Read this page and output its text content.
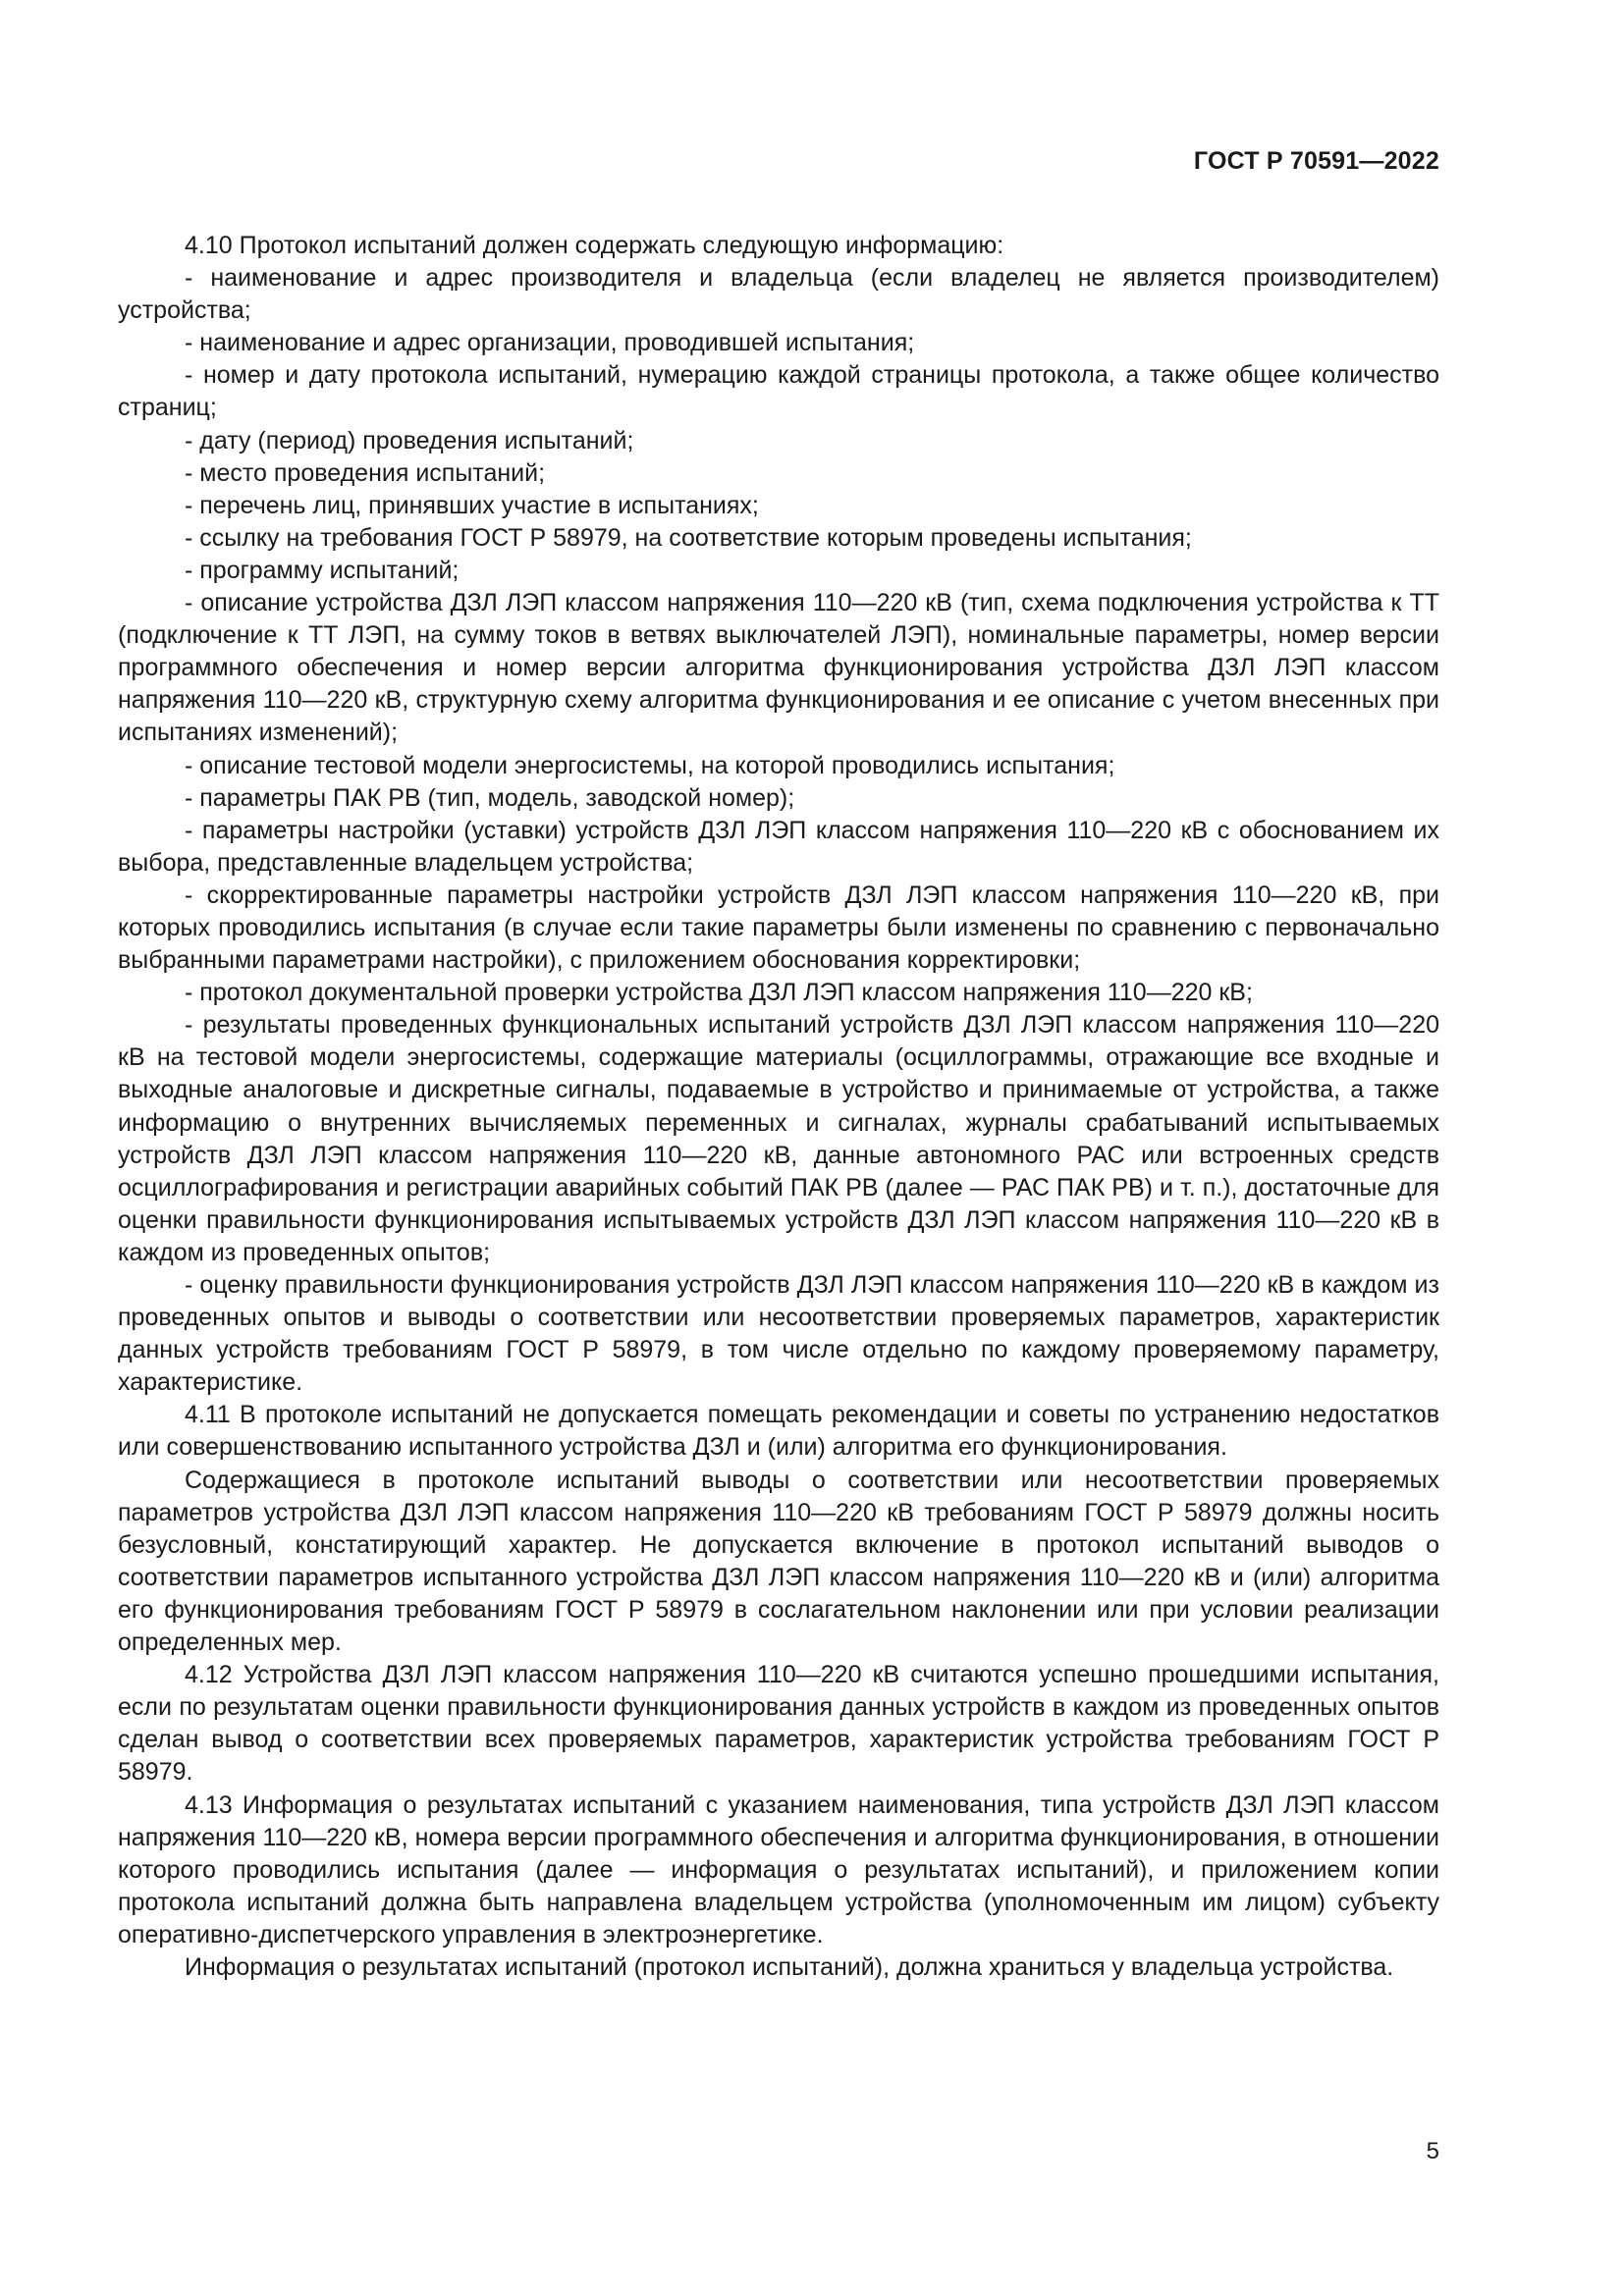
ГОСТ Р 70591—2022

4.10 Протокол испытаний должен содержать следующую информацию:

- наименование и адрес производителя и владельца (если владелец не является производителем) устройства;

- наименование и адрес организации, проводившей испытания;

- номер и дату протокола испытаний, нумерацию каждой страницы протокола, а также общее количество страниц;

- дату (период) проведения испытаний;

- место проведения испытаний;

- перечень лиц, принявших участие в испытаниях;

- ссылку на требования ГОСТ Р 58979, на соответствие которым проведены испытания;

- программу испытаний;

- описание устройства ДЗЛ ЛЭП классом напряжения 110—220 кВ (тип, схема подключения устройства к ТТ (подключение к ТТ ЛЭП, на сумму токов в ветвях выключателей ЛЭП), номинальные параметры, номер версии программного обеспечения и номер версии алгоритма функционирования устройства ДЗЛ ЛЭП классом напряжения 110—220 кВ, структурную схему алгоритма функционирования и ее описание с учетом внесенных при испытаниях изменений);

- описание тестовой модели энергосистемы, на которой проводились испытания;

- параметры ПАК РВ (тип, модель, заводской номер);

- параметры настройки (уставки) устройств ДЗЛ ЛЭП классом напряжения 110—220 кВ с обоснованием их выбора, представленные владельцем устройства;

- скорректированные параметры настройки устройств ДЗЛ ЛЭП классом напряжения 110—220 кВ, при которых проводились испытания (в случае если такие параметры были изменены по сравнению с первоначально выбранными параметрами настройки), с приложением обоснования корректировки;

- протокол документальной проверки устройства ДЗЛ ЛЭП классом напряжения 110—220 кВ;

- результаты проведенных функциональных испытаний устройств ДЗЛ ЛЭП классом напряжения 110—220 кВ на тестовой модели энергосистемы, содержащие материалы (осциллограммы, отражающие все входные и выходные аналоговые и дискретные сигналы, подаваемые в устройство и принимаемые от устройства, а также информацию о внутренних вычисляемых переменных и сигналах, журналы срабатываний испытываемых устройств ДЗЛ ЛЭП классом напряжения 110—220 кВ, данные автономного РАС или встроенных средств осциллографирования и регистрации аварийных событий ПАК РВ (далее — РАС ПАК РВ) и т. п.), достаточные для оценки правильности функционирования испытываемых устройств ДЗЛ ЛЭП классом напряжения 110—220 кВ в каждом из проведенных опытов;

- оценку правильности функционирования устройств ДЗЛ ЛЭП классом напряжения 110—220 кВ в каждом из проведенных опытов и выводы о соответствии или несоответствии проверяемых параметров, характеристик данных устройств требованиям ГОСТ Р 58979, в том числе отдельно по каждому проверяемому параметру, характеристике.

4.11 В протоколе испытаний не допускается помещать рекомендации и советы по устранению недостатков или совершенствованию испытанного устройства ДЗЛ и (или) алгоритма его функционирования.

Содержащиеся в протоколе испытаний выводы о соответствии или несоответствии проверяемых параметров устройства ДЗЛ ЛЭП классом напряжения 110—220 кВ требованиям ГОСТ Р 58979 должны носить безусловный, констатирующий характер. Не допускается включение в протокол испытаний выводов о соответствии параметров испытанного устройства ДЗЛ ЛЭП классом напряжения 110—220 кВ и (или) алгоритма его функционирования требованиям ГОСТ Р 58979 в сослагательном наклонении или при условии реализации определенных мер.

4.12 Устройства ДЗЛ ЛЭП классом напряжения 110—220 кВ считаются успешно прошедшими испытания, если по результатам оценки правильности функционирования данных устройств в каждом из проведенных опытов сделан вывод о соответствии всех проверяемых параметров, характеристик устройства требованиям ГОСТ Р 58979.

4.13 Информация о результатах испытаний с указанием наименования, типа устройств ДЗЛ ЛЭП классом напряжения 110—220 кВ, номера версии программного обеспечения и алгоритма функционирования, в отношении которого проводились испытания (далее — информация о результатах испытаний), и приложением копии протокола испытаний должна быть направлена владельцем устройства (уполномоченным им лицом) субъекту оперативно-диспетчерского управления в электроэнергетике.

Информация о результатах испытаний (протокол испытаний), должна храниться у владельца устройства.

5
